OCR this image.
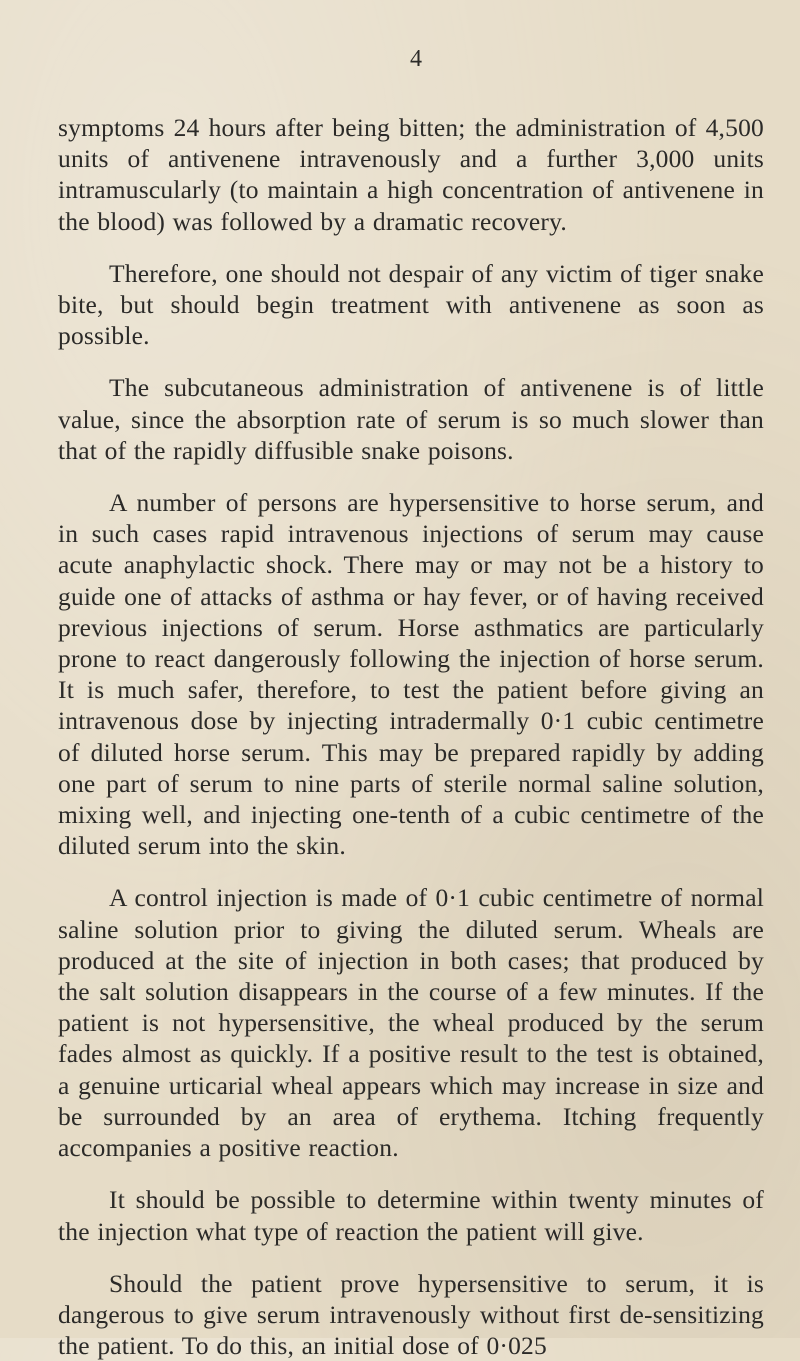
4

symptoms 24 hours after being bitten; the administration of 4,500 units of antivenene intravenously and a further 3,000 units intramuscularly (to maintain a high concentration of antivenene in the blood) was followed by a dramatic recovery.

Therefore, one should not despair of any victim of tiger snake bite, but should begin treatment with antivenene as soon as possible.

The subcutaneous administration of antivenene is of little value, since the absorption rate of serum is so much slower than that of the rapidly diffusible snake poisons.

A number of persons are hypersensitive to horse serum, and in such cases rapid intravenous injections of serum may cause acute anaphylactic shock. There may or may not be a history to guide one of attacks of asthma or hay fever, or of having received previous injections of serum. Horse asthmatics are particularly prone to react dangerously following the injection of horse serum. It is much safer, therefore, to test the patient before giving an intravenous dose by injecting intradermally 0·1 cubic centimetre of diluted horse serum. This may be prepared rapidly by adding one part of serum to nine parts of sterile normal saline solution, mixing well, and injecting one-tenth of a cubic centimetre of the diluted serum into the skin.

A control injection is made of 0·1 cubic centimetre of normal saline solution prior to giving the diluted serum. Wheals are produced at the site of injection in both cases; that produced by the salt solution disappears in the course of a few minutes. If the patient is not hypersensitive, the wheal produced by the serum fades almost as quickly. If a positive result to the test is obtained, a genuine urticarial wheal appears which may increase in size and be surrounded by an area of erythema. Itching frequently accompanies a positive reaction.

It should be possible to determine within twenty minutes of the injection what type of reaction the patient will give.

Should the patient prove hypersensitive to serum, it is dangerous to give serum intravenously without first de-sensitizing the patient. To do this, an initial dose of 0·025
